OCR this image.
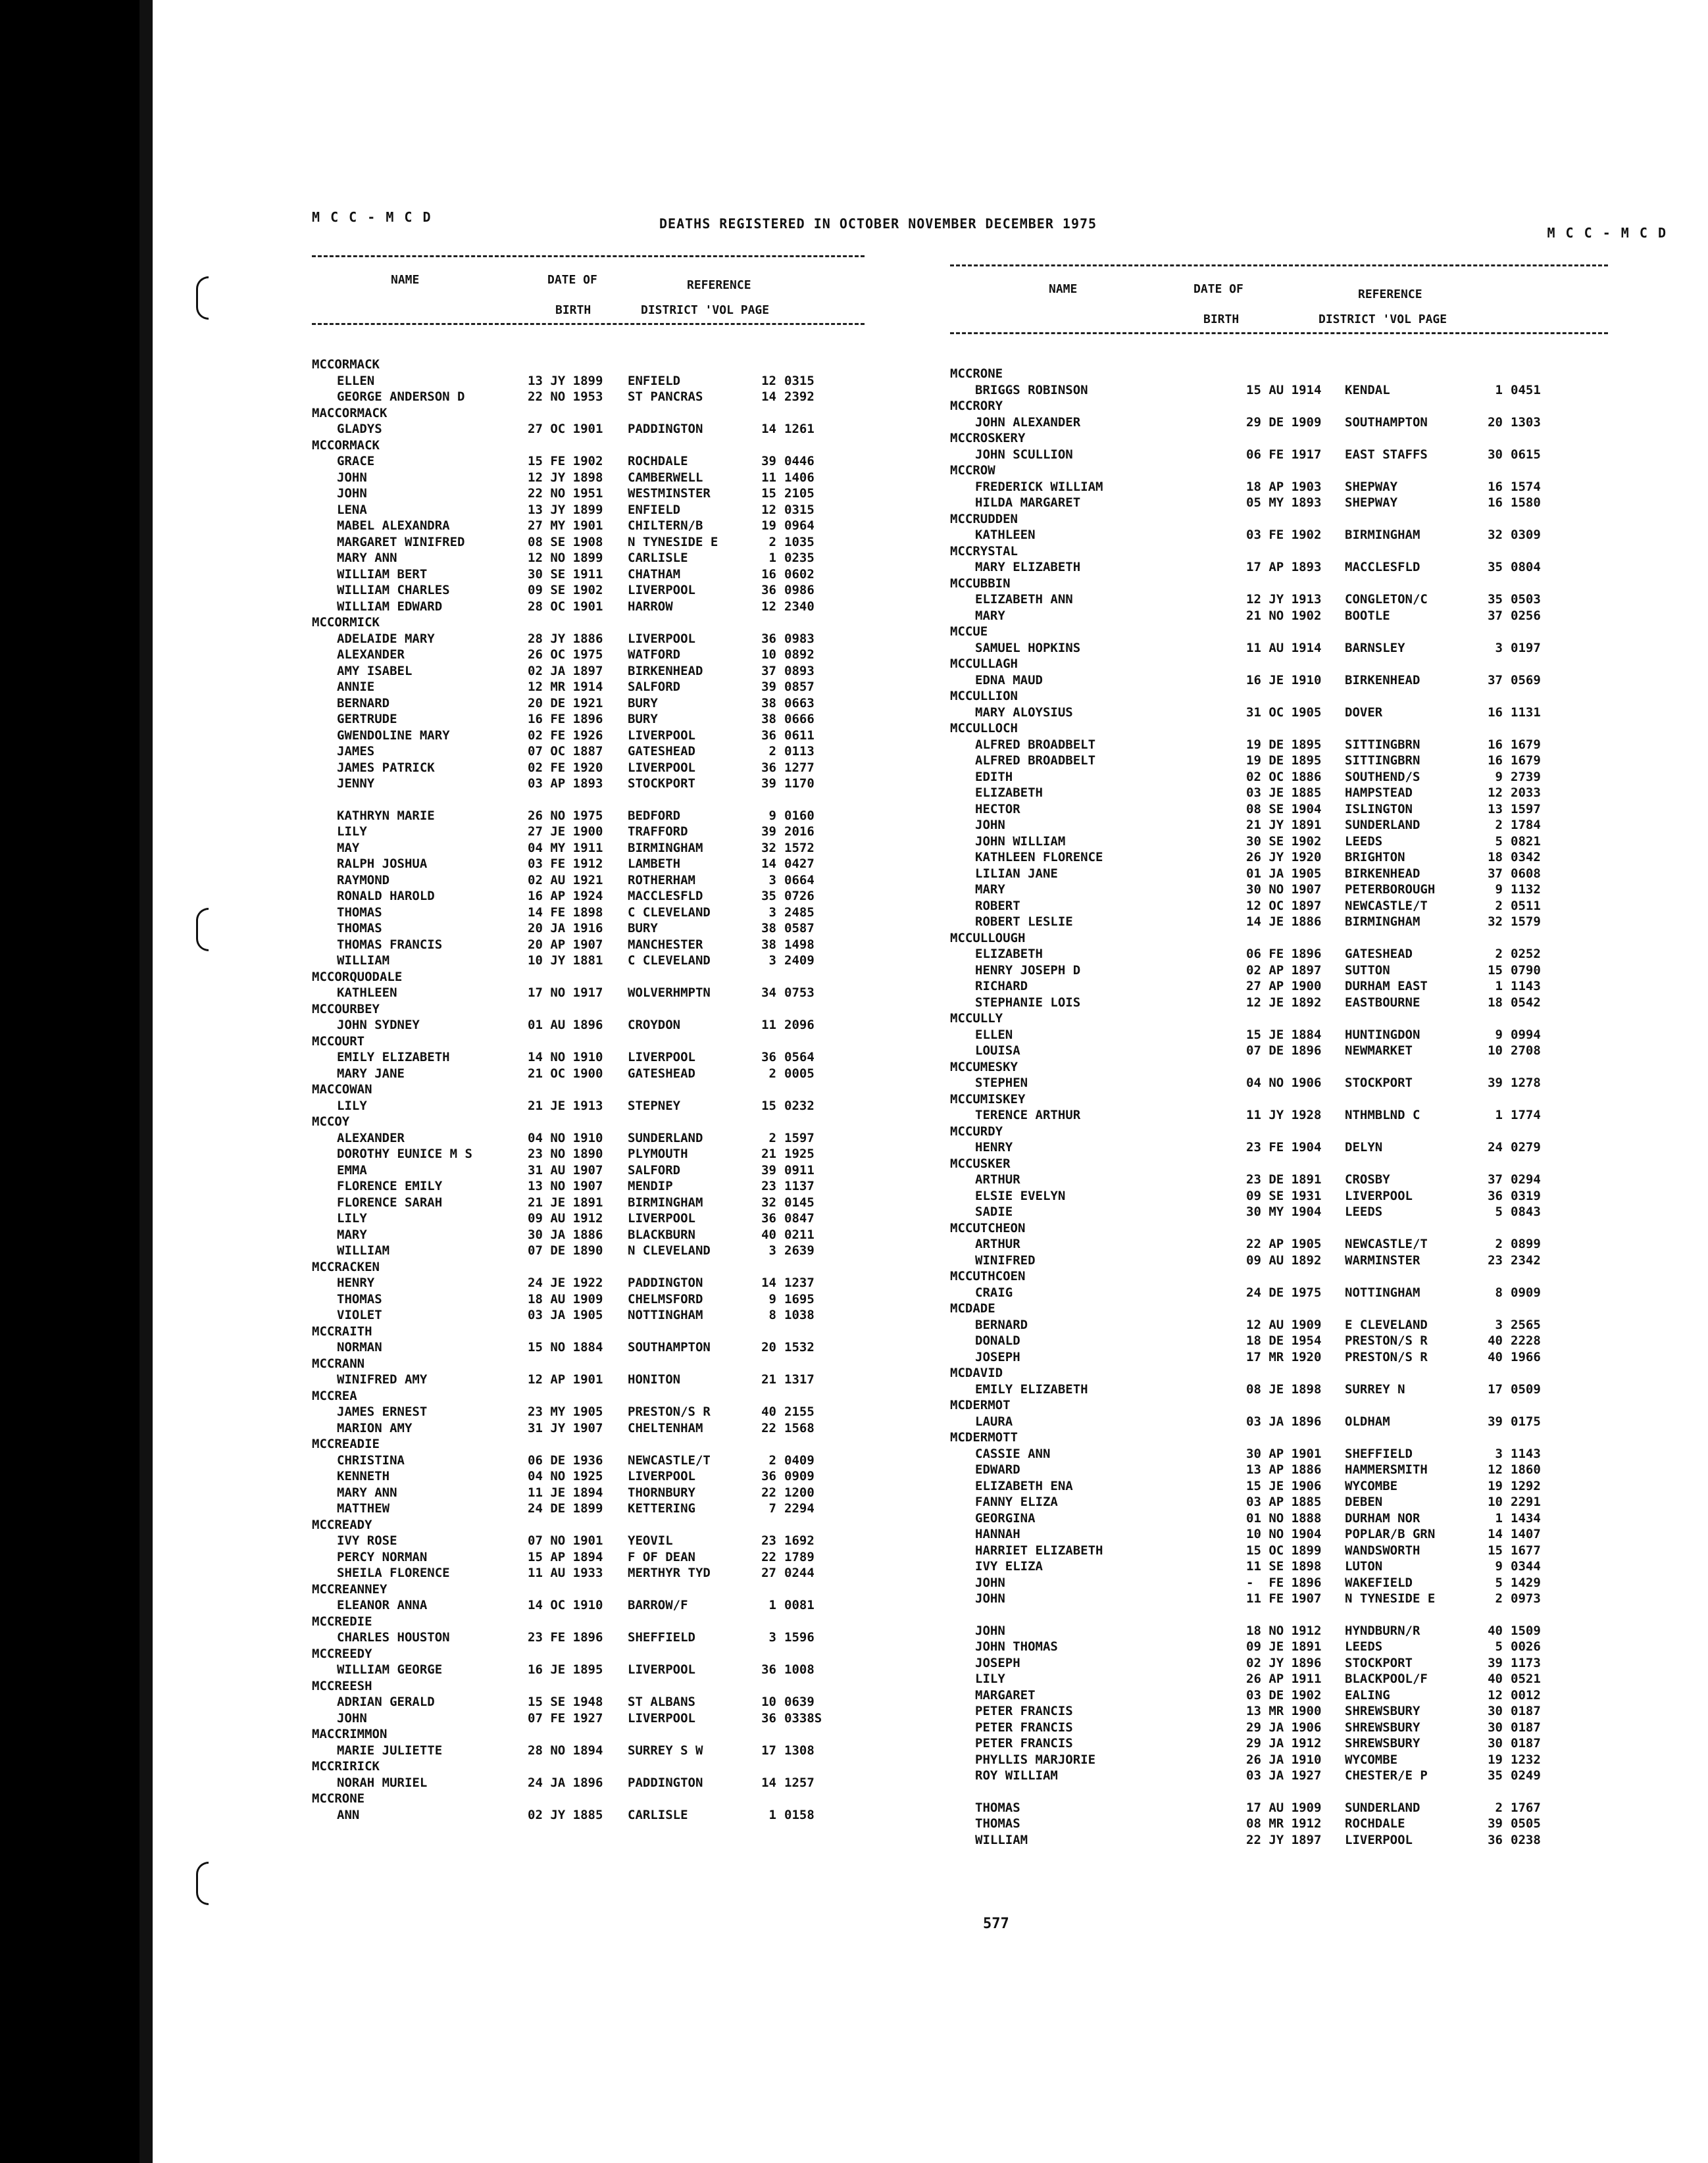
M C C - M C D	DEATHS REGISTERED IN OCTOBER NOVEMBER DECEMBER 1975
M C C - M C D
NAME	DATE OF	REFERENCE
BIRTH	DISTRICT 'VOL PAGE
MCCORMACK
ELLEN	13 JY 1899	ENFIELD	12 0315
GEORGE ANDERSON D	22 NO 1953	ST PANCRAS	14 2392
MACCORMACK
GLADYS	27 OC 1901	PADDINGTON	14 1261
MCCORMACK
GRACE	15 FE 1902	ROCHDALE	39 0446
JOHN	12 JY 1898	CAMBERWELL	11 1406
JOHN	22 NO 1951	WESTMINSTER	15 2105
LENA	13 JY 1899	ENFIELD	12 0315
MABEL ALEXANDRA	27 MY 1901	CHILTERN/B	19 0964
MARGARET WINIFRED	08 SE 1908	N TYNESIDE E	2 1035
MARY ANN	12 NO 1899	CARLISLE	1 0235
WILLIAM BERT	30 SE 1911	CHATHAM	16 0602
WILLIAM CHARLES	09 SE 1902	LIVERPOOL	36 0986
WILLIAM EDWARD	28 OC 1901	HARROW	12 2340
MCCORMICK
ADELAIDE MARY	28 JY 1886	LIVERPOOL	36 0983
ALEXANDER	26 OC 1975	WATFORD	10 0892
AMY ISABEL	02 JA 1897	BIRKENHEAD	37 0893
ANNIE	12 MR 1914	SALFORD	39 0857
BERNARD	20 DE 1921	BURY	38 0663
GERTRUDE	16 FE 1896	BURY	38 0666
GWENDOLINE MARY	02 FE 1926	LIVERPOOL	36 0611
JAMES	07 OC 1887	GATESHEAD	2 0113
JAMES PATRICK	02 FE 1920	LIVERPOOL	36 1277
JENNY	03 AP 1893	STOCKPORT	39 1170
KATHRYN MARIE	26 NO 1975	BEDFORD	9 0160
LILY	27 JE 1900	TRAFFORD	39 2016
MAY	04 MY 1911	BIRMINGHAM	32 1572
RALPH JOSHUA	03 FE 1912	LAMBETH	14 0427
RAYMOND	02 AU 1921	ROTHERHAM	3 0664
RONALD HAROLD	16 AP 1924	MACCLESFLD	35 0726
THOMAS	14 FE 1898	C CLEVELAND	3 2485
THOMAS	20 JA 1916	BURY	38 0587
THOMAS FRANCIS	20 AP 1907	MANCHESTER	38 1498
WILLIAM	10 JY 1881	C CLEVELAND	3 2409
MCCORQUODALE
KATHLEEN	17 NO 1917	WOLVERHMPTN	34 0753
MCCOURBEY
JOHN SYDNEY	01 AU 1896	CROYDON	11 2096
MCCOURT
EMILY ELIZABETH	14 NO 1910	LIVERPOOL	36 0564
MARY JANE	21 OC 1900	GATESHEAD	2 0005
MACCOWAN
LILY	21 JE 1913	STEPNEY	15 0232
MCCOY
ALEXANDER	04 NO 1910	SUNDERLAND	2 1597
DOROTHY EUNICE M S	23 NO 1890	PLYMOUTH	21 1925
EMMA	31 AU 1907	SALFORD	39 0911
FLORENCE EMILY	13 NO 1907	MENDIP	23 1137
FLORENCE SARAH	21 JE 1891	BIRMINGHAM	32 0145
LILY	09 AU 1912	LIVERPOOL	36 0847
MARY	30 JA 1886	BLACKBURN	40 0211
WILLIAM	07 DE 1890	N CLEVELAND	3 2639
MCCRACKEN
HENRY	24 JE 1922	PADDINGTON	14 1237
THOMAS	18 AU 1909	CHELMSFORD	9 1695
VIOLET	03 JA 1905	NOTTINGHAM	8 1038
MCCRAITH
NORMAN	15 NO 1884	SOUTHAMPTON	20 1532
MCCRANN
WINIFRED AMY	12 AP 1901	HONITON	21 1317
MCCREA
JAMES ERNEST	23 MY 1905	PRESTON/S R	40 2155
MARION AMY	31 JY 1907	CHELTENHAM	22 1568
MCCREADIE
CHRISTINA	06 DE 1936	NEWCASTLE/T	2 0409
KENNETH	04 NO 1925	LIVERPOOL	36 0909
MARY ANN	11 JE 1894	THORNBURY	22 1200
MATTHEW	24 DE 1899	KETTERING	7 2294
MCCREADY
IVY ROSE	07 NO 1901	YEOVIL	23 1692
PERCY NORMAN	15 AP 1894	F OF DEAN	22 1789
SHEILA FLORENCE	11 AU 1933	MERTHYR TYD	27 0244
MCCREANNEY
ELEANOR ANNA	14 OC 1910	BARROW/F	1 0081
MCCREDIE
CHARLES HOUSTON	23 FE 1896	SHEFFIELD	3 1596
MCCREEDY
WILLIAM GEORGE	16 JE 1895	LIVERPOOL	36 1008
MCCREESH
ADRIAN GERALD	15 SE 1948	ST ALBANS	10 0639
JOHN	07 FE 1927	LIVERPOOL	36 0338S
MACCRIMMON
MARIE JULIETTE	28 NO 1894	SURREY S W	17 1308
MCCRIRICK
NORAH MURIEL	24 JA 1896	PADDINGTON	14 1257
MCCRONE
ANN	02 JY 1885	CARLISLE	1 0158
NAME	DATE OF	REFERENCE
BIRTH	DISTRICT 'VOL PAGE
MCCRONE
BRIGGS ROBINSON	15 AU 1914	KENDAL	1 0451
MCCRORY
JOHN ALEXANDER	29 DE 1909	SOUTHAMPTON	20 1303
MCCROSKERY
JOHN SCULLION	06 FE 1917	EAST STAFFS	30 0615
MCCROW
FREDERICK WILLIAM	18 AP 1903	SHEPWAY	16 1574
HILDA MARGARET	05 MY 1893	SHEPWAY	16 1580
MCCRUDDEN
KATHLEEN	03 FE 1902	BIRMINGHAM	32 0309
MCCRYSTAL
MARY ELIZABETH	17 AP 1893	MACCLESFLD	35 0804
MCCUBBIN
ELIZABETH ANN	12 JY 1913	CONGLETON/C	35 0503
MARY	21 NO 1902	BOOTLE	37 0256
MCCUE
SAMUEL HOPKINS	11 AU 1914	BARNSLEY	3 0197
MCCULLAGH
EDNA MAUD	16 JE 1910	BIRKENHEAD	37 0569
MCCULLION
MARY ALOYSIUS	31 OC 1905	DOVER	16 1131
MCCULLOCH
ALFRED BROADBELT	19 DE 1895	SITTINGBRN	16 1679
ALFRED BROADBELT	19 DE 1895	SITTINGBRN	16 1679
EDITH	02 OC 1886	SOUTHEND/S	9 2739
ELIZABETH	03 JE 1885	HAMPSTEAD	12 2033
HECTOR	08 SE 1904	ISLINGTON	13 1597
JOHN	21 JY 1891	SUNDERLAND	2 1784
JOHN WILLIAM	30 SE 1902	LEEDS	5 0821
KATHLEEN FLORENCE	26 JY 1920	BRIGHTON	18 0342
LILIAN JANE	01 JA 1905	BIRKENHEAD	37 0608
MARY	30 NO 1907	PETERBOROUGH	9 1132
ROBERT	12 OC 1897	NEWCASTLE/T	2 0511
ROBERT LESLIE	14 JE 1886	BIRMINGHAM	32 1579
MCCULLOUGH
ELIZABETH	06 FE 1896	GATESHEAD	2 0252
HENRY JOSEPH D	02 AP 1897	SUTTON	15 0790
RICHARD	27 AP 1900	DURHAM EAST	1 1143
STEPHANIE LOIS	12 JE 1892	EASTBOURNE	18 0542
MCCULLY
ELLEN	15 JE 1884	HUNTINGDON	9 0994
LOUISA	07 DE 1896	NEWMARKET	10 2708
MCCUMESKY
STEPHEN	04 NO 1906	STOCKPORT	39 1278
MCCUMISKEY
TERENCE ARTHUR	11 JY 1928	NTHMBLND C	1 1774
MCCURDY
HENRY	23 FE 1904	DELYN	24 0279
MCCUSKER
ARTHUR	23 DE 1891	CROSBY	37 0294
ELSIE EVELYN	09 SE 1931	LIVERPOOL	36 0319
SADIE	30 MY 1904	LEEDS	5 0843
MCCUTCHEON
ARTHUR	22 AP 1905	NEWCASTLE/T	2 0899
WINIFRED	09 AU 1892	WARMINSTER	23 2342
MCCUTHCOEN
CRAIG	24 DE 1975	NOTTINGHAM	8 0909
MCDADE
BERNARD	12 AU 1909	E CLEVELAND	3 2565
DONALD	18 DE 1954	PRESTON/S R	40 2228
JOSEPH	17 MR 1920	PRESTON/S R	40 1966
MCDAVID
EMILY ELIZABETH	08 JE 1898	SURREY N	17 0509
MCDERMOT
LAURA	03 JA 1896	OLDHAM	39 0175
MCDERMOTT
CASSIE ANN	30 AP 1901	SHEFFIELD	3 1143
EDWARD	13 AP 1886	HAMMERSMITH	12 1860
ELIZABETH ENA	15 JE 1906	WYCOMBE	19 1292
FANNY ELIZA	03 AP 1885	DEBEN	10 2291
GEORGINA	01 NO 1888	DURHAM NOR	1 1434
HANNAH	10 NO 1904	POPLAR/B GRN	14 1407
HARRIET ELIZABETH	15 OC 1899	WANDSWORTH	15 1677
IVY ELIZA	11 SE 1898	LUTON	9 0344
JOHN	-  FE 1896	WAKEFIELD	5 1429
JOHN	11 FE 1907	N TYNESIDE E	2 0973
JOHN	18 NO 1912	HYNDBURN/R	40 1509
JOHN THOMAS	09 JE 1891	LEEDS	5 0026
JOSEPH	02 JY 1896	STOCKPORT	39 1173
LILY	26 AP 1911	BLACKPOOL/F	40 0521
MARGARET	03 DE 1902	EALING	12 0012
PETER FRANCIS	13 MR 1900	SHREWSBURY	30 0187
PETER FRANCIS	29 JA 1906	SHREWSBURY	30 0187
PETER FRANCIS	29 JA 1912	SHREWSBURY	30 0187
PHYLLIS MARJORIE	26 JA 1910	WYCOMBE	19 1232
ROY WILLIAM	03 JA 1927	CHESTER/E P	35 0249
THOMAS	17 AU 1909	SUNDERLAND	2 1767
THOMAS	08 MR 1912	ROCHDALE	39 0505
WILLIAM	22 JY 1897	LIVERPOOL	36 0238
577
